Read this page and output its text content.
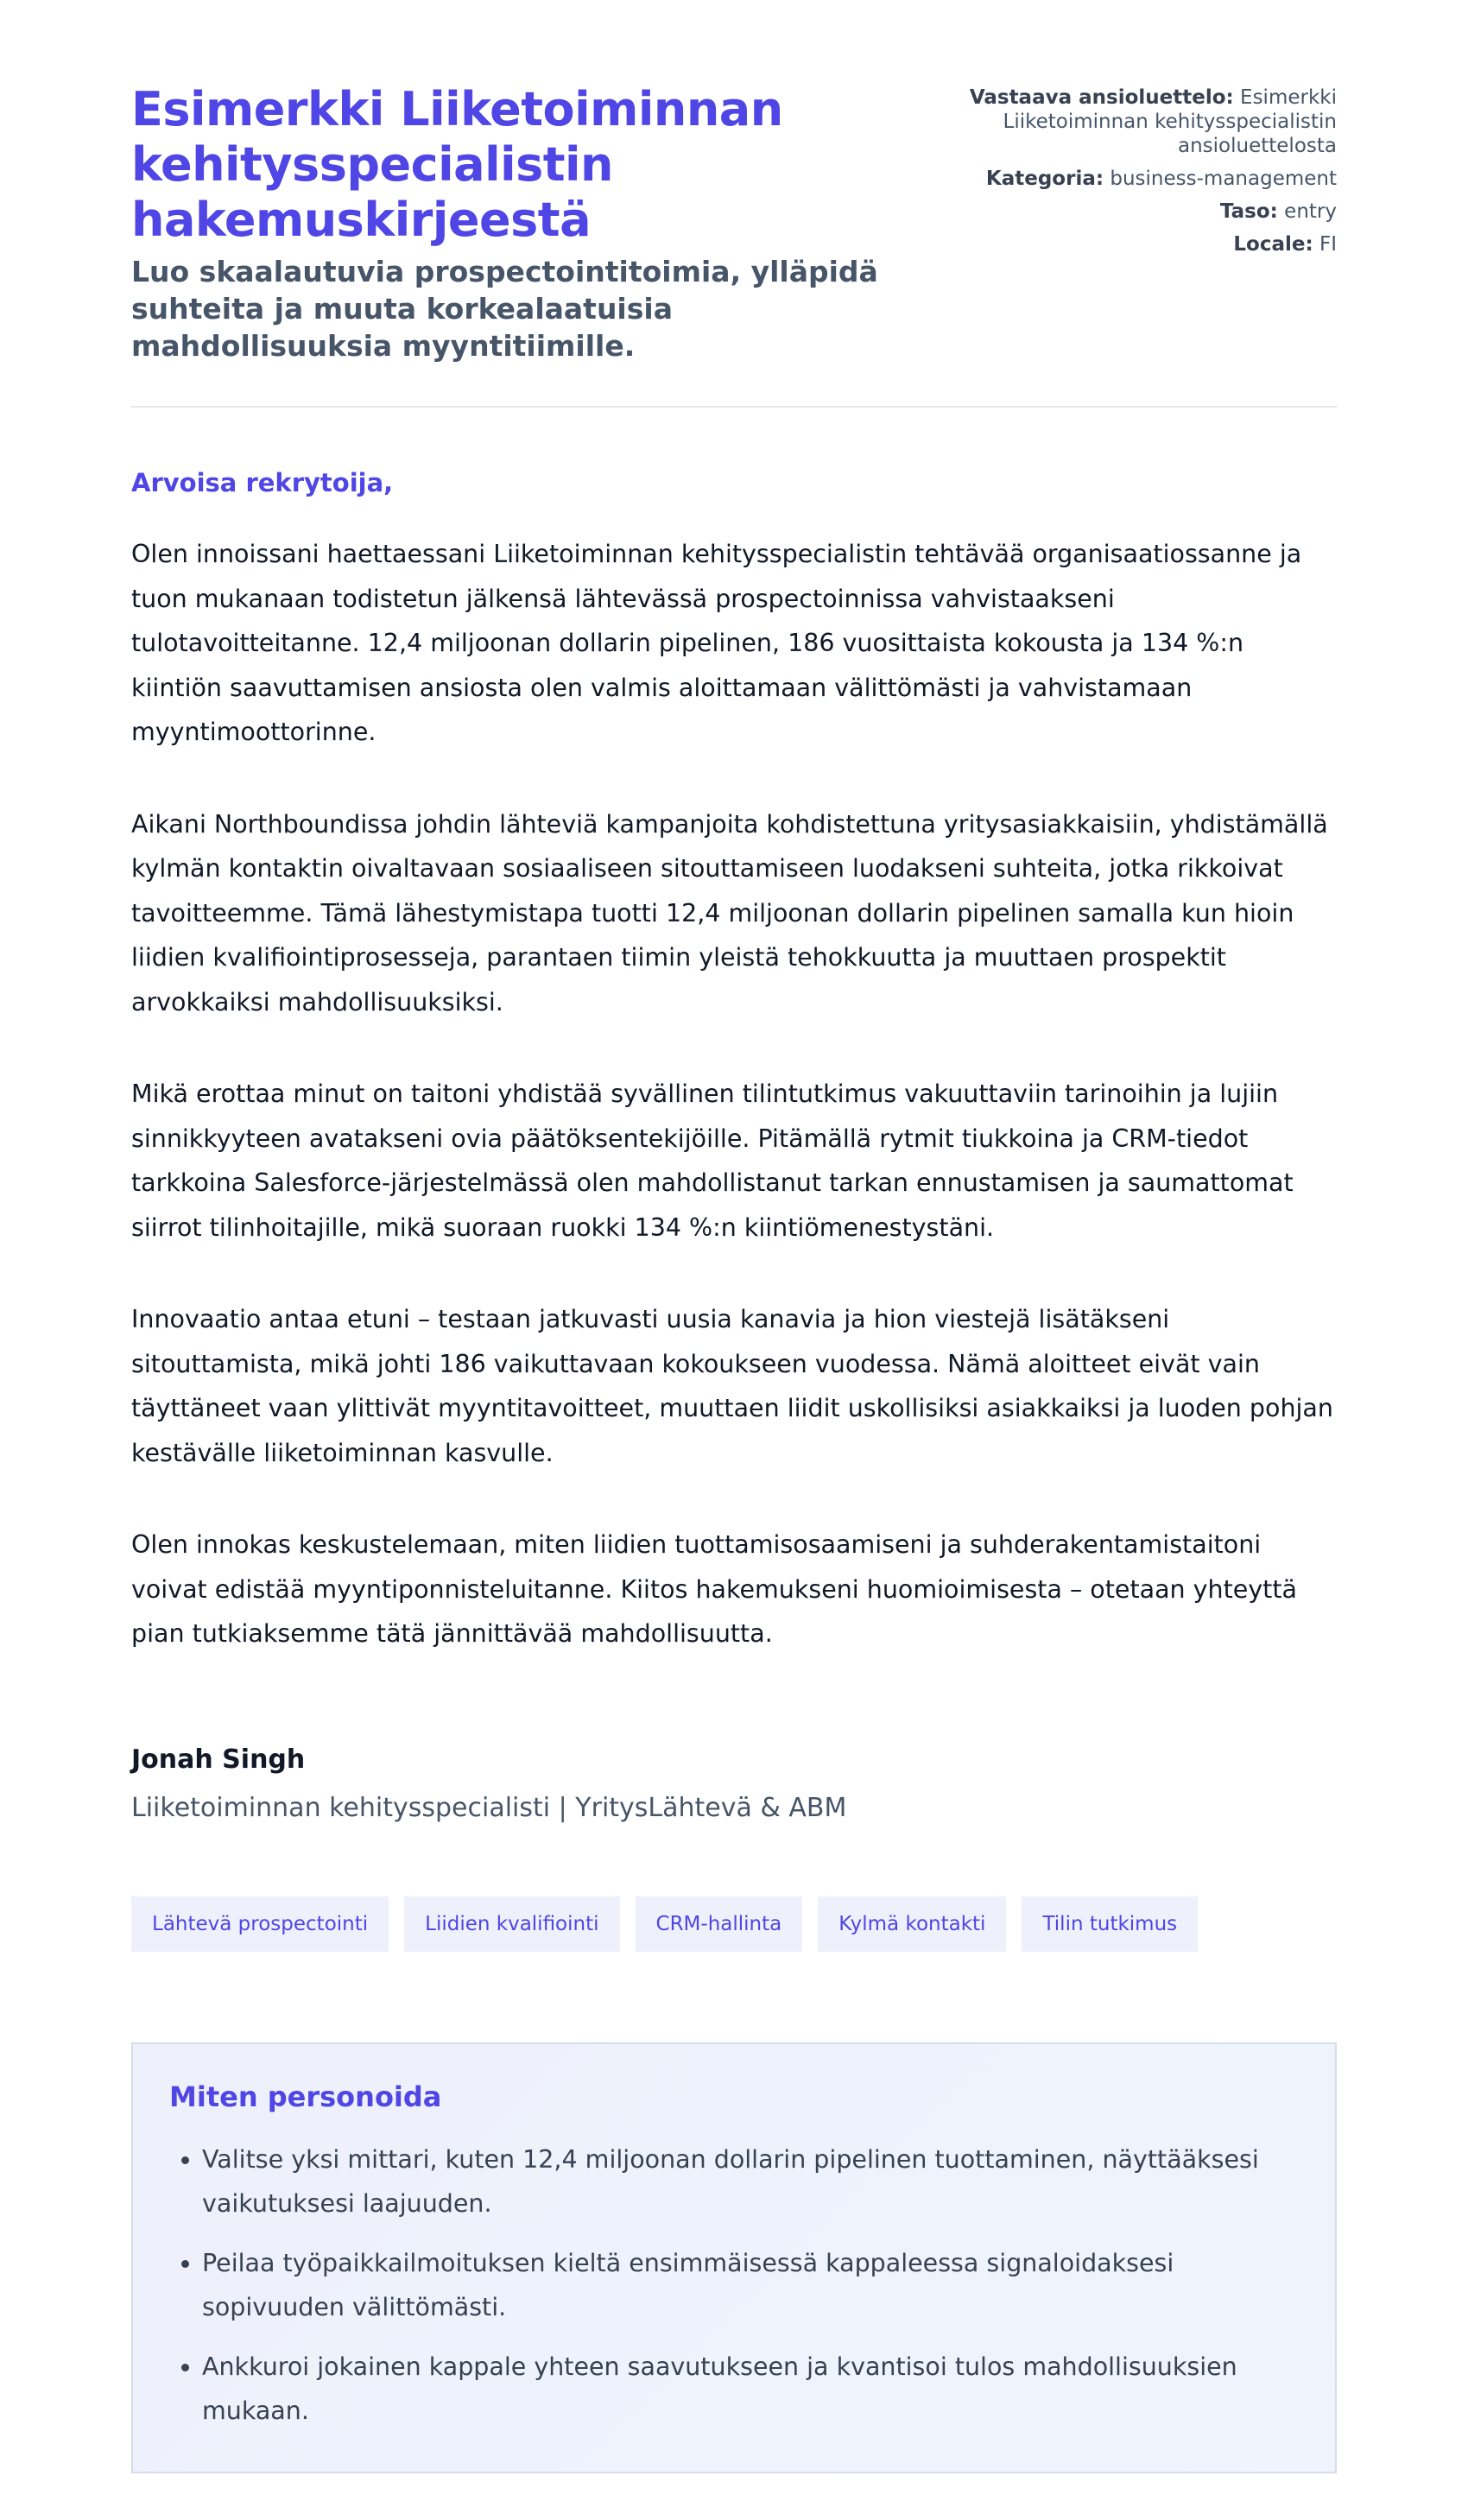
Esimerkki Liiketoiminnan kehitysspecialistin hakemuskirjeestä
Luo skaalautuvia prospectointitoimia, ylläpidä suhteita ja muuta korkealaatuisia mahdollisuuksia myyntitiimille.
Vastaava ansioluettelo: Esimerkki Liiketoiminnan kehitysspecialistin ansioluettelosta
Kategoria: business-management
Taso: entry
Locale: FI

Arvoisa rekrytoija,

Olen innoissani haettaessani Liiketoiminnan kehitysspecialistin tehtävää organisaatiossanne ja tuon mukanaan todistetun jälkensä lähtevässä prospectoinnissa vahvistaakseni tulotavoitteitanne. 12,4 miljoonan dollarin pipelinen, 186 vuosittaista kokousta ja 134 %:n kiintiön saavuttamisen ansiosta olen valmis aloittamaan välittömästi ja vahvistamaan myyntimoottorinne.

Aikani Northboundissa johdin lähteviä kampanjoita kohdistettuna yritysasiakkaisiin, yhdistämällä kylmän kontaktin oivaltavaan sosiaaliseen sitouttamiseen luodakseni suhteita, jotka rikkoivat tavoitteemme. Tämä lähestymistapa tuotti 12,4 miljoonan dollarin pipelinen samalla kun hioin liidien kvalifiointiprosesseja, parantaen tiimin yleistä tehokkuutta ja muuttaen prospektit arvokkaiksi mahdollisuuksiksi.

Mikä erottaa minut on taitoni yhdistää syvällinen tilintutkimus vakuuttaviin tarinoihin ja lujiin sinnikkyyteen avatakseni ovia päätöksentekijöille. Pitämällä rytmit tiukkoina ja CRM-tiedot tarkkoina Salesforce-järjestelmässä olen mahdollistanut tarkan ennustamisen ja saumattomat siirrot tilinhoitajille, mikä suoraan ruokki 134 %:n kiintiömenestystäni.

Innovaatio antaa etuni – testaan jatkuvasti uusia kanavia ja hion viestejä lisätäkseni sitouttamista, mikä johti 186 vaikuttavaan kokoukseen vuodessa. Nämä aloitteet eivät vain täyttäneet vaan ylittivät myyntitavoitteet, muuttaen liidit uskollisiksi asiakkaiksi ja luoden pohjan kestävälle liiketoiminnan kasvulle.

Olen innokas keskustelemaan, miten liidien tuottamisosaamiseni ja suhderakentamistaitoni voivat edistää myyntiponnisteluitanne. Kiitos hakemukseni huomioimisesta – otetaan yhteyttä pian tutkiaksemme tätä jännittävää mahdollisuutta.

Jonah Singh

Liiketoiminnan kehitysspecialisti | YritysLähtevä & ABM

Lähtevä prospectointi	Liidien kvalifiointi	CRM-hallinta	Kylmä kontakti	Tilin tutkimus
Miten personoida
• Valitse yksi mittari, kuten 12,4 miljoonan dollarin pipelinen tuottaminen, näyttääksesi vaikutuksesi laajuuden.
• Peilaa työpaikkailmoituksen kieltä ensimmäisessä kappaleessa signaloidaksesi sopivuuden välittömästi.
• Ankkuroi jokainen kappale yhteen saavutukseen ja kvantisoi tulos mahdollisuuksien mukaan.
